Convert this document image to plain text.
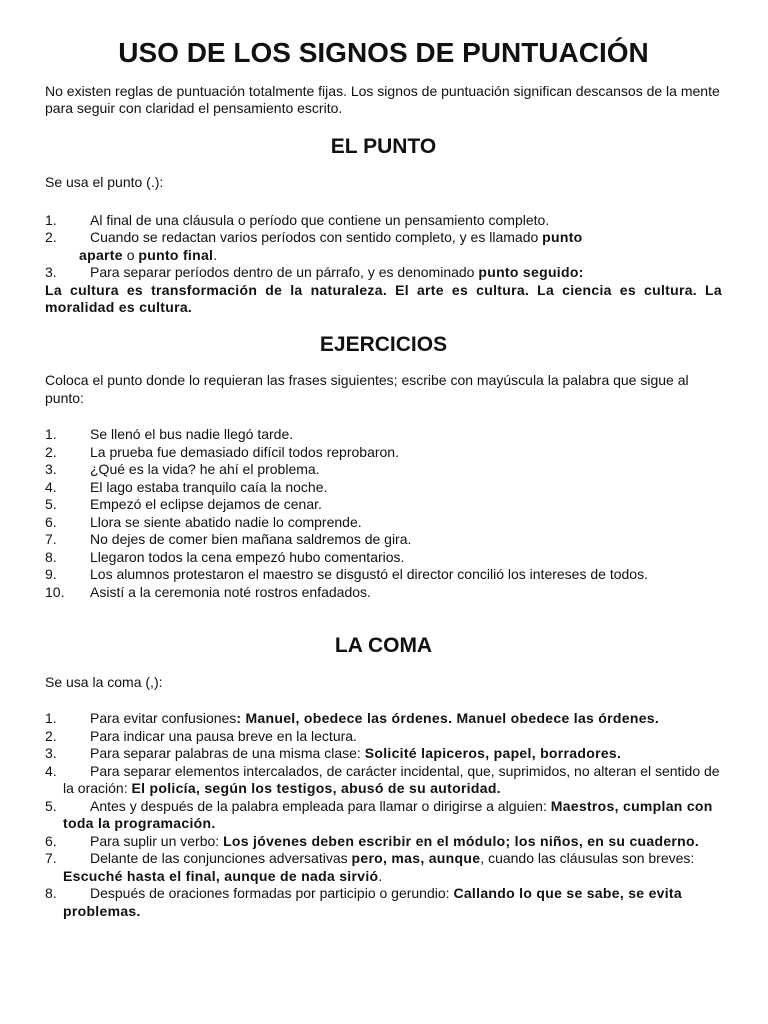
USO DE LOS SIGNOS DE PUNTUACIÓN

No existen reglas de puntuación totalmente fijas. Los signos de puntuación significan descansos de la mente para seguir con claridad el pensamiento escrito.

EL PUNTO

Se usa el punto (.):

1.	Al final de una cláusula o período que contiene un pensamiento completo.
2.	Cuando se redactan varios períodos con sentido completo, y es llamado punto
aparte o punto final.
3.	Para separar períodos dentro de un párrafo, y es denominado punto seguido:

La cultura es transformación de la naturaleza. El arte es cultura. La ciencia es cultura. La moralidad es cultura.

EJERCICIOS

Coloca el punto donde lo requieran las frases siguientes; escribe con mayúscula la palabra que sigue al punto:

1.	Se llenó el bus nadie llegó tarde.
2.	La prueba fue demasiado difícil todos reprobaron.
3.	¿Qué es la vida? he ahí el problema.
4.	El lago estaba tranquilo caía la noche.
5.	Empezó el eclipse dejamos de cenar.
6.	Llora se siente abatido nadie lo comprende.
7.	No dejes de comer bien mañana saldremos de gira.
8.	Llegaron todos la cena empezó hubo comentarios.
9.	Los alumnos protestaron el maestro se disgustó el director concilió los intereses de todos.
10.	Asistí a la ceremonia noté rostros enfadados.
LA COMA

Se usa la coma (,):

1. Para evitar confusiones: Manuel, obedece las órdenes. Manuel obedece las órdenes.
2. Para indicar una pausa breve en la lectura.
3. Para separar palabras de una misma clase: Solicité lapiceros, papel, borradores.
4. Para separar elementos intercalados, de carácter incidental, que, suprimidos, no alteran el sentido de la oración: El policía, según los testigos, abusó de su autoridad.
5. Antes y después de la palabra empleada para llamar o dirigirse a alguien: Maestros, cumplan con toda la programación.
6. Para suplir un verbo: Los jóvenes deben escribir en el módulo; los niños, en su cuaderno.
7. Delante de las conjunciones adversativas pero, mas, aunque, cuando las cláusulas son breves: Escuché hasta el final, aunque de nada sirvió.
8. Después de oraciones formadas por participio o gerundio: Callando lo que se sabe, se evita problemas.
